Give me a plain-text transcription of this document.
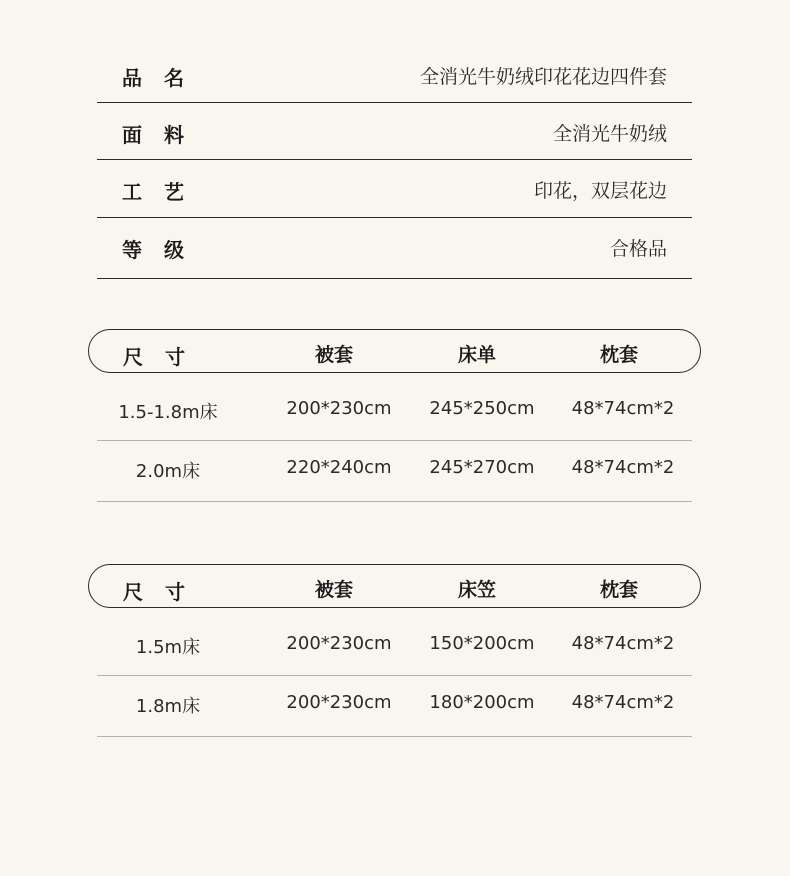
品名	全消光牛奶绒印花花边四件套
面料	全消光牛奶绒
工艺	印花，双层花边
等级	合格品
尺寸	被套	床单	枕套
1.5-1.8m床	200*230cm	245*250cm	48*74cm*2
2.0m床	220*240cm	245*270cm	48*74cm*2
尺寸	被套	床笠	枕套
1.5m床	200*230cm	150*200cm	48*74cm*2
1.8m床	200*230cm	180*200cm	48*74cm*2
